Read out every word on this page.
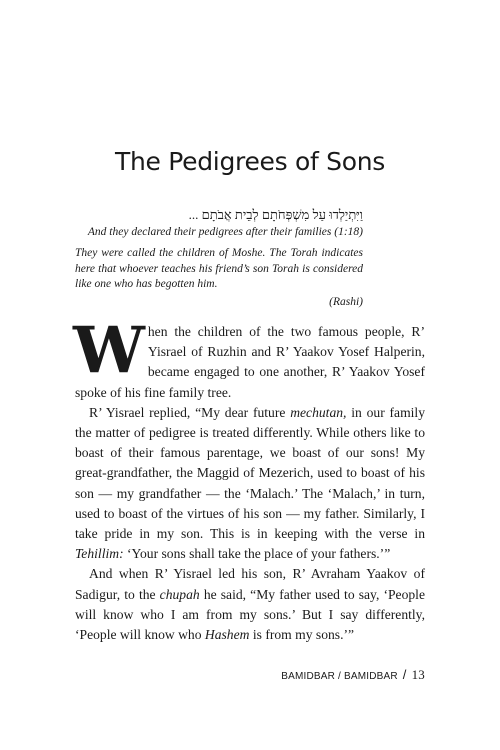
The Pedigrees of Sons
וַיִּתְיַלְדוּ עַל מִשְׁפְּחֹתָם לְבֵית אֲבֹתָם ...
And they declared their pedigrees after their families (1:18)
They were called the children of Moshe. The Torah indicates here that whoever teaches his friend’s son Torah is considered like one who has begotten him.
(Rashi)

When the children of the two famous people, R’ Yisrael of Ruzhin and R’ Yaakov Yosef Halperin, became engaged to one another, R’ Yaakov Yosef spoke of his fine family tree.

R’ Yisrael replied, “My dear future mechutan, in our family the matter of pedigree is treated differently. While others like to boast of their famous parentage, we boast of our sons! My great-grandfather, the Maggid of Mezerich, used to boast of his son — my grandfather — the ‘Malach.’ The ‘Malach,’ in turn, used to boast of the virtues of his son — my father. Similarly, I take pride in my son. This is in keeping with the verse in Tehillim: ‘Your sons shall take the place of your fathers.’”

And when R’ Yisrael led his son, R’ Avraham Yaakov of Sadigur, to the chupah he said, “My father used to say, ‘People will know who I am from my sons.’ But I say differently, ‘People will know who Hashem is from my sons.’”

BAMIDBAR / BAMIDBAR / 13
